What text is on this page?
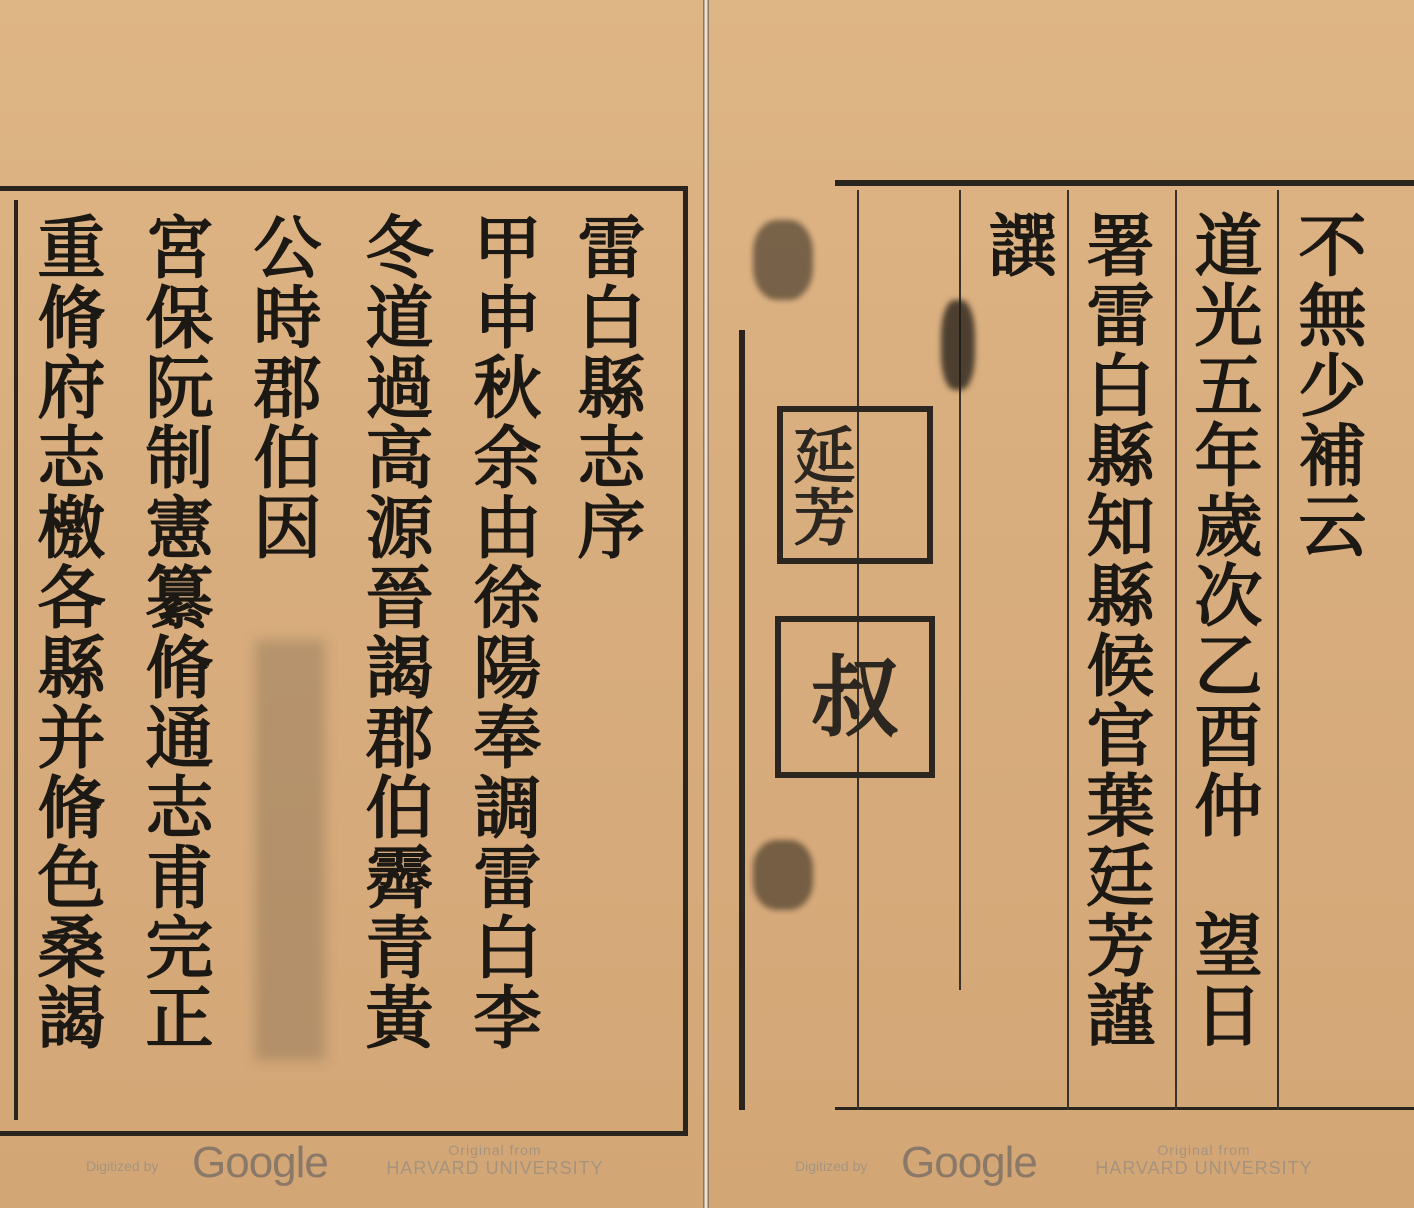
雷白縣志序
甲申秋余由徐陽奉調雷白李
冬道過高源晉謁郡伯霽青黃
公時郡伯因
宮保阮制憲纂脩通志甫完正
重脩府志檄各縣并脩色桑謁
Digitized by Google	Original from
HARVARD UNIVERSITY
不無少補云
道光五年歲次乙酉仲　望日
署雷白縣知縣候官葉廷芳謹
譔
延芳
叔
Digitized by Google	Original from
HARVARD UNIVERSITY
